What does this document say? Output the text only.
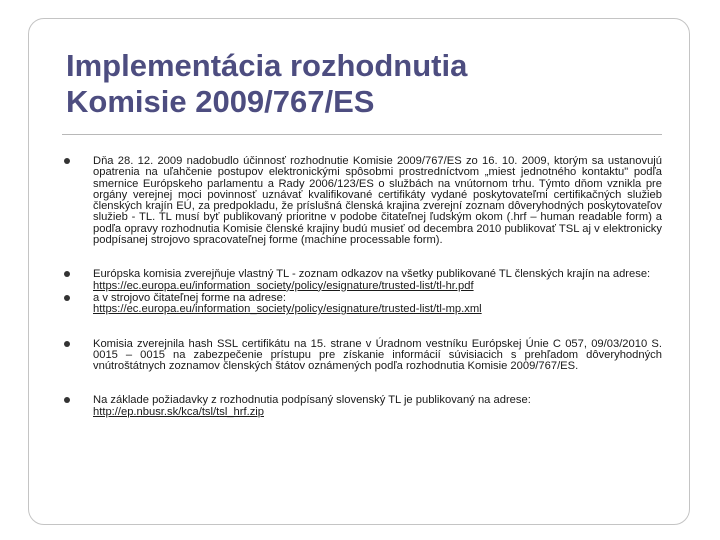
Implementácia rozhodnutia
Komisie 2009/767/ES
Dňa 28. 12. 2009 nadobudlo účinnosť rozhodnutie Komisie 2009/767/ES zo 16. 10. 2009, ktorým sa ustanovujú opatrenia na uľahčenie postupov elektronickými spôsobmi prostredníctvom „miest jednotného kontaktu" podľa smernice Európskeho parlamentu a Rady 2006/123/ES o službách na vnútornom trhu. Týmto dňom vznikla pre orgány verejnej moci povinnosť uznávať kvalifikované certifikáty vydané poskytovateľmi certifikačných služieb členských krajín EÚ, za predpokladu, že príslušná členská krajina zverejní zoznam dôveryhodných poskytovateľov služieb - TL. TL musí byť publikovaný prioritne v podobe čitateľnej ľudským okom (.hrf – human readable form) a podľa opravy rozhodnutia Komisie členské krajiny budú musieť od decembra 2010 publikovať TSL aj v elektronicky podpísanej strojovo spracovateľnej forme (machine processable form).
Európska komisia zverejňuje vlastný TL - zoznam odkazov na všetky publikované TL členských krajín na adrese:
https://ec.europa.eu/information_society/policy/esignature/trusted-list/tl-hr.pdf
a v strojovo čitateľnej forme na adrese:
https://ec.europa.eu/information_society/policy/esignature/trusted-list/tl-mp.xml
Komisia zverejnila hash SSL certifikátu na 15. strane v Úradnom vestníku Európskej Únie C 057, 09/03/2010 S. 0015 – 0015 na zabezpečenie prístupu pre získanie informácií súvisiacich s prehľadom dôveryhodných vnútroštátnych zoznamov členských štátov oznámených podľa rozhodnutia Komisie 2009/767/ES.
Na základe požiadavky z rozhodnutia podpísaný slovenský TL je publikovaný na adrese:
http://ep.nbusr.sk/kca/tsl/tsl_hrf.zip
